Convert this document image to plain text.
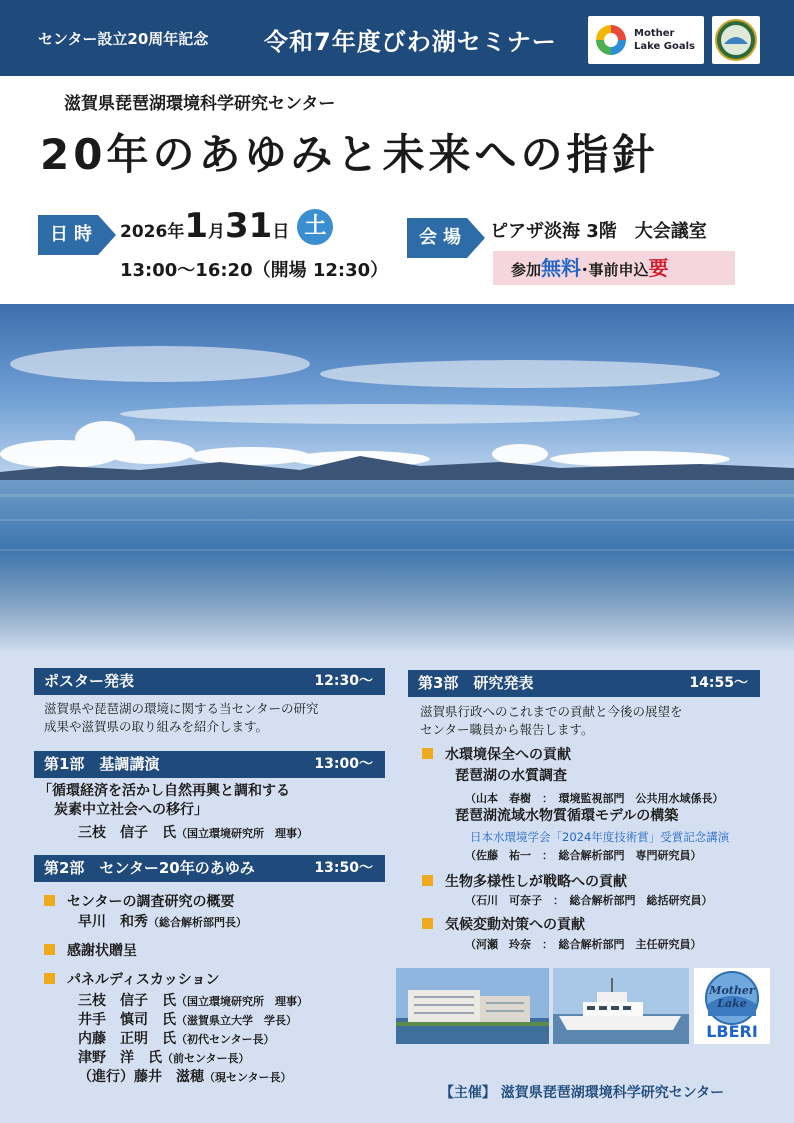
センター設立20周年記念 令和7年度びわ湖セミナー	Mother Lake Goals
滋賀県琵琶湖環境科学研究センター
20年のあゆみと未来への指針
日時 2026年1月31日 土
13:00～16:20（開場 12:30）
会場 ピアザ淡海 3階　大会議室
参加無料･事前申込要
ポスター発表	12:30～
滋賀県や琵琶湖の環境に関する当センターの研究
成果や滋賀県の取り組みを紹介します。
第1部　基調講演	13:00～
「循環経済を活かし自然再興と調和する
炭素中立社会への移行」
三枝　信子　氏（国立環境研究所　理事）
第2部　センター20年のあゆみ	13:50～
センターの調査研究の概要
早川　和秀（総合解析部門長）
感謝状贈呈
パネルディスカッション
三枝　信子　氏（国立環境研究所　理事）
井手　慎司　氏（滋賀県立大学　学長）
内藤　正明　氏（初代センター長）
津野　洋　氏（前センター長）
（進行）藤井　滋穂（現センター長）
第3部　研究発表	14:55～
滋賀県行政へのこれまでの貢献と今後の展望を
センター職員から報告します。
水環境保全への貢献
琵琶湖の水質調査
（山本　春樹　：　環境監視部門　公共用水域係長）
琵琶湖流域水物質循環モデルの構築
日本水環境学会「2024年度技術賞」受賞記念講演
（佐藤　祐一　：　総合解析部門　専門研究員）
生物多様性しが戦略への貢献
（石川　可奈子　：　総合解析部門　総括研究員）
気候変動対策への貢献
（河瀬　玲奈　：　総合解析部門　主任研究員）
Mother Lake
LBERI
【主催】 滋賀県琵琶湖環境科学研究センター
